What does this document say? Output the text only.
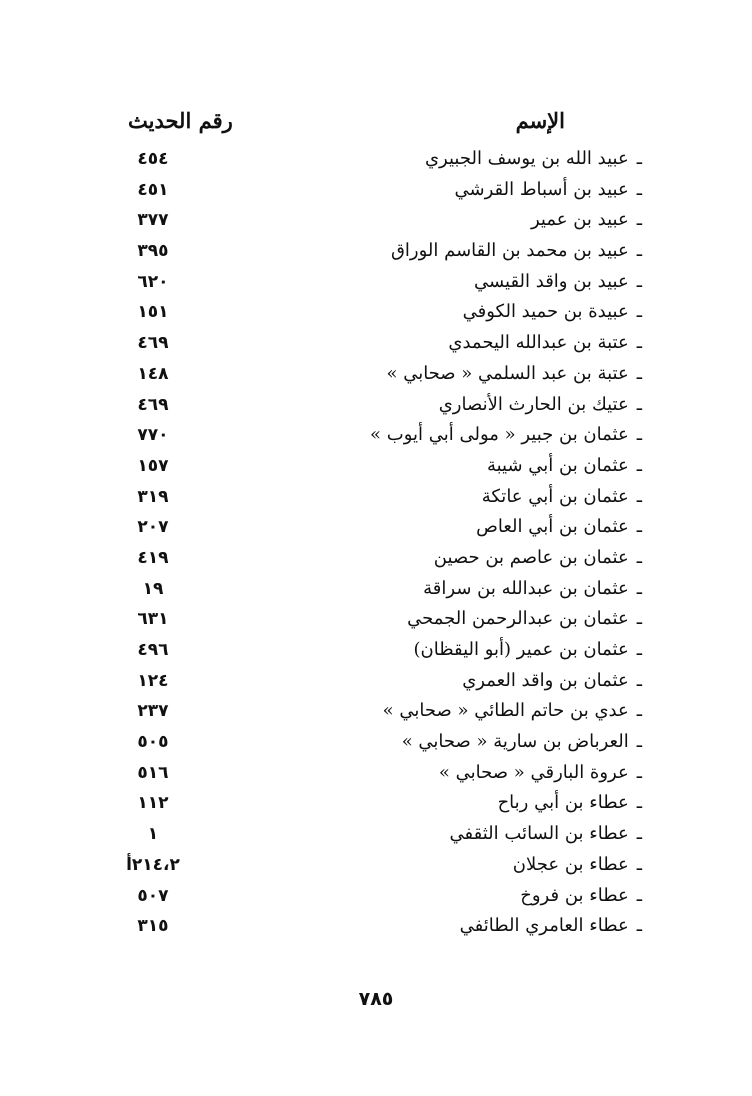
الإسم
رقم الحديث
ـعبيد الله بن يوسف الجبيري
٤٥٤
ـعبيد بن أسباط القرشي
٤٥١
ـعبيد بن عمير
٣٧٧
ـعبيد بن محمد بن القاسم الوراق
٣٩٥
ـعبيد بن واقد القيسي
٦٢٠
ـعبيدة بن حميد الكوفي
١٥١
ـعتبة بن عبدالله اليحمدي
٤٦٩
ـعتبة بن عبد السلمي « صحابي »
١٤٨
ـعتيك بن الحارث الأنصاري
٤٦٩
ـعثمان بن جبير « مولى أبي أيوب »
٧٧٠
ـعثمان بن أبي شيبة
١٥٧
ـعثمان بن أبي عاتكة
٣١٩
ـعثمان بن أبي العاص
٢٠٧
ـعثمان بن عاصم بن حصين
٤١٩
ـعثمان بن عبدالله بن سراقة
١٩
ـعثمان بن عبدالرحمن الجمحي
٦٣١
ـعثمان بن عمير (أبو اليقظان)
٤٩٦
ـعثمان بن واقد العمري
١٢٤
ـعدي بن حاتم الطائي « صحابي »
٢٣٧
ـالعرباض بن سارية « صحابي »
٥٠٥
ـعروة البارقي « صحابي »
٥١٦
ـعطاء بن أبي رباح
١١٢
ـعطاء بن السائب الثقفي
١
ـعطاء بن عجلان
٢١٤،٢أ
ـعطاء بن فروخ
٥٠٧
ـعطاء العامري الطائفي
٣١٥
٧٨٥
